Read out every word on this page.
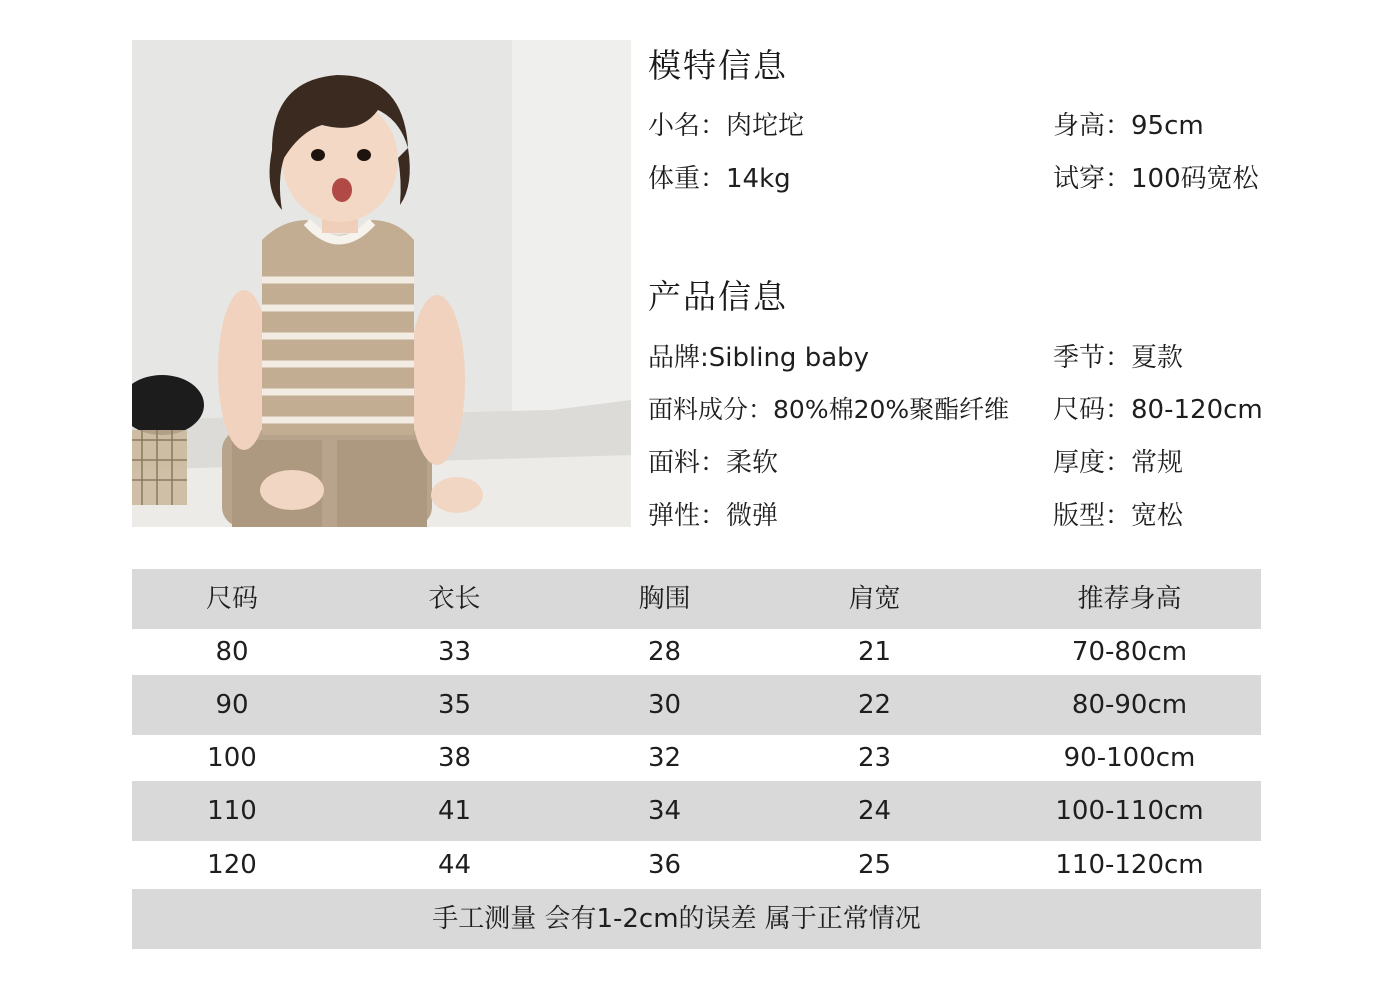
模特信息
小名：肉坨坨	身高：95cm
体重：14kg	试穿：100码宽松
产品信息
品牌:Sibling baby	季节：夏款
面料成分：80%棉20%聚酯纤维 尺码：80-120cm
面料：柔软	厚度：常规
弹性：微弹	版型：宽松
尺码	衣长	胸围	肩宽	推荐身高
80	33	28	21	70-80cm
90	35	30	22	80-90cm
100	38	32	23	90-100cm
110	41	34	24	100-110cm
120	44	36	25	110-120cm
手工测量 会有1-2cm的误差 属于正常情况
